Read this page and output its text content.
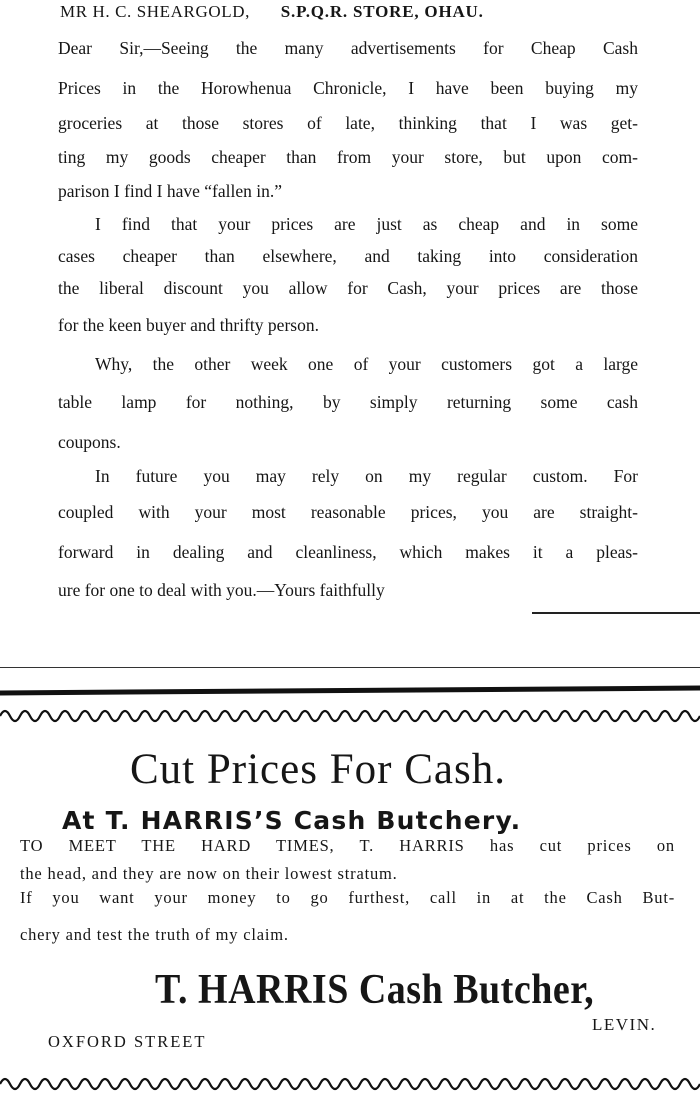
MR H. C. SHEARGOLD, S.P.Q.R. STORE, OHAU.
Dear Sir,—Seeing the many advertisements for Cheap Cash
Prices in the Horowhenua Chronicle, I have been buying my
groceries at those stores of late, thinking that I was get-
ting my goods cheaper than from your store, but upon com-
parison I find I have “fallen in.”
I find that your prices are just as cheap and in some
cases cheaper than elsewhere, and taking into consideration
the liberal discount you allow for Cash, your prices are those
for the keen buyer and thrifty person.
Why, the other week one of your customers got a large
table lamp for nothing, by simply returning some cash
coupons.
In future you may rely on my regular custom. For
coupled with your most reasonable prices, you are straight-
forward in dealing and cleanliness, which makes it a pleas-
ure for one to deal with you.—Yours faithfully
Cut Prices For Cash.
At T. HARRIS’S Cash Butchery.
TO MEET THE HARD TIMES, T. HARRIS has cut prices on
the head, and they are now on their lowest stratum.
If you want your money to go furthest, call in at the Cash But-
chery and test the truth of my claim.
T. HARRIS Cash Butcher,
LEVIN.
OXFORD STREET
